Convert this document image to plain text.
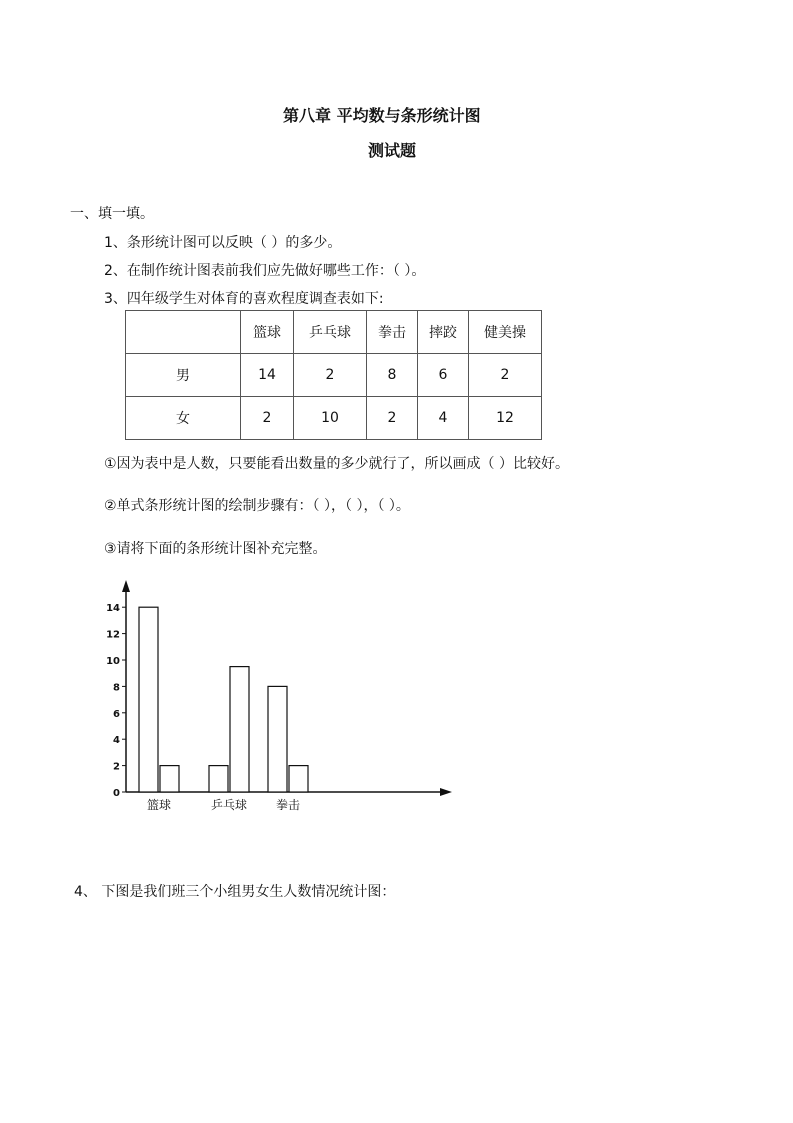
第八章 平均数与条形统计图
测试题
一、填一填。
1、条形统计图可以反映（ ）的多少。
2、在制作统计图表前我们应先做好哪些工作：（ ）。
3、四年级学生对体育的喜欢程度调查表如下:
	篮球	乒乓球	拳击	摔跤	健美操
男	14	2	8	6	2
女	2	10	2	4	12
①因为表中是人数，只要能看出数量的多少就行了，所以画成（ ）比较好。
②单式条形统计图的绘制步骤有：（ ），（ ），（ ）。
③请将下面的条形统计图补充完整。
0
2
4
6
8
10
12
14
篮球	乒乓球 拳击
4、 下图是我们班三个小组男女生人数情况统计图：
